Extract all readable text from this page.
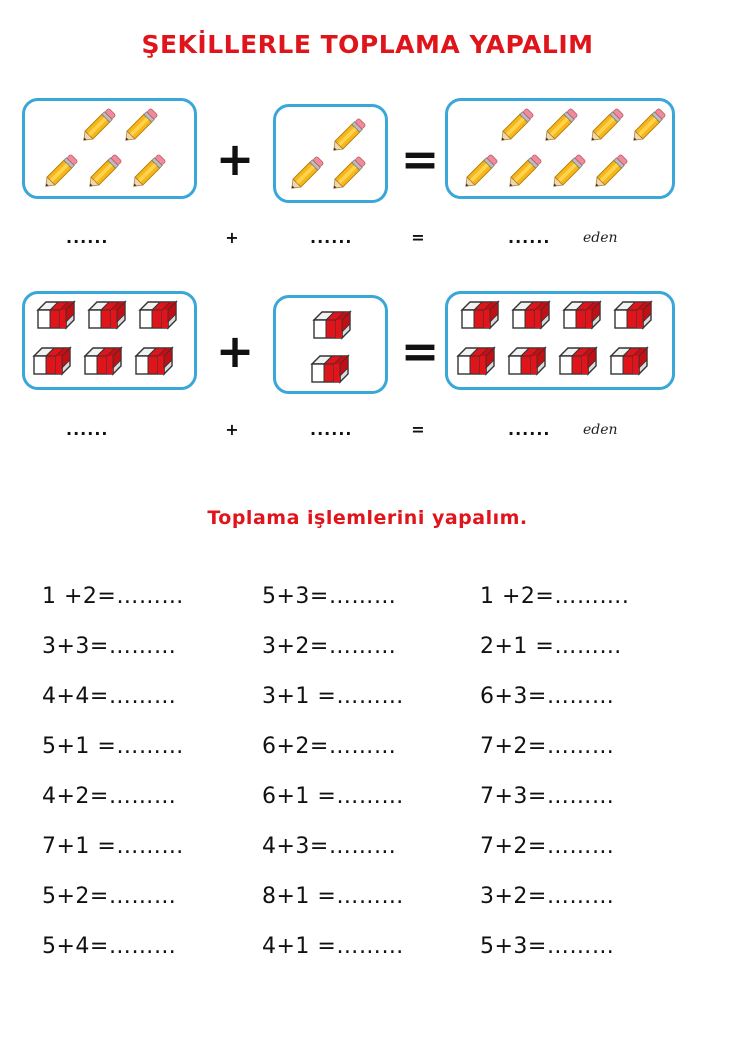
ŞEKİLLERLE TOPLAMA YAPALIM
+	=
......	+	......	=	...... eden
+	=
......	+	......	=	...... eden
Toplama işlemlerini yapalım.
1 +2=………
3+3=………
4+4=………
5+1 =………
4+2=………
7+1 =………
5+2=………
5+4=………
5+3=………
3+2=………
3+1 =………
6+2=………
6+1 =………
4+3=………
8+1 =………
4+1 =………
1 +2=……….
2+1 =………
6+3=………
7+2=………
7+3=………
7+2=………
3+2=………
5+3=………
